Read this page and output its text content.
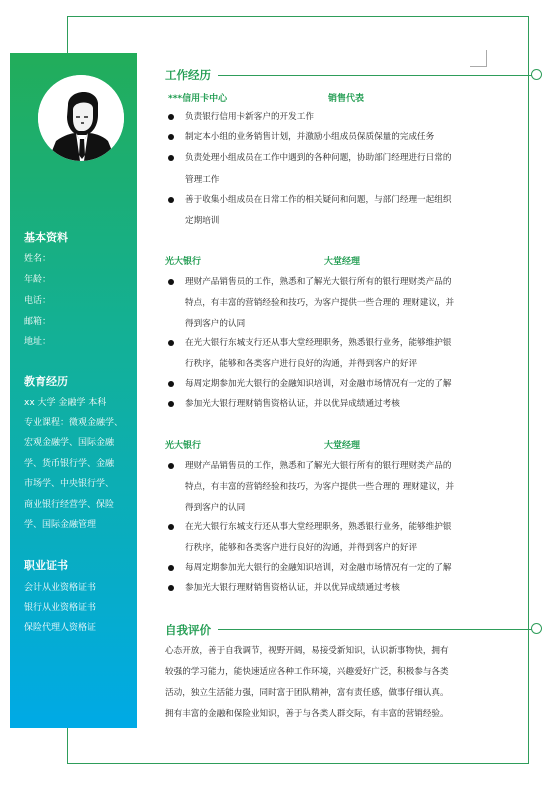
基本资料
姓名：
年龄：
电话：
邮箱：
地址：
教育经历
xx 大学 金融学 本科
专业课程：微观金融学、
宏观金融学、国际金融
学、货币银行学、金融
市场学、中央银行学、
商业银行经营学、保险
学、国际金融管理
职业证书
会计从业资格证书
银行从业资格证书
保险代理人资格证
工作经历
***信用卡中心	销售代表
负责银行信用卡新客户的开发工作
制定本小组的业务销售计划，并激励小组成员保质保量的完成任务
负责处理小组成员在工作中遇到的各种问题，协助部门经理进行日常的
管理工作
善于收集小组成员在日常工作的相关疑问和问题，与部门经理一起组织
定期培训
光大银行	大堂经理
理财产品销售员的工作，熟悉和了解光大银行所有的银行理财类产品的
特点，有丰富的营销经验和技巧，为客户提供一些合理的 理财建议，并
得到客户的认同
在光大银行东城支行还从事大堂经理职务，熟悉银行业务，能够维护银
行秩序，能够和各类客户进行良好的沟通，并得到客户的好评
每周定期参加光大银行的金融知识培训，对金融市场情况有一定的了解
参加光大银行理财销售资格认证，并以优异成绩通过考核
光大银行	大堂经理
理财产品销售员的工作，熟悉和了解光大银行所有的银行理财类产品的
特点，有丰富的营销经验和技巧，为客户提供一些合理的 理财建议，并
得到客户的认同
在光大银行东城支行还从事大堂经理职务，熟悉银行业务，能够维护银
行秩序，能够和各类客户进行良好的沟通，并得到客户的好评
每周定期参加光大银行的金融知识培训，对金融市场情况有一定的了解
参加光大银行理财销售资格认证，并以优异成绩通过考核
自我评价
心态开放，善于自我调节，视野开阔，易接受新知识，认识新事物快，拥有
较强的学习能力，能快速适应各种工作环境，兴趣爱好广泛，积极参与各类
活动，独立生活能力强，同时富于团队精神，富有责任感，做事仔细认真。
拥有丰富的金融和保险业知识，善于与各类人群交际，有丰富的营销经验。
